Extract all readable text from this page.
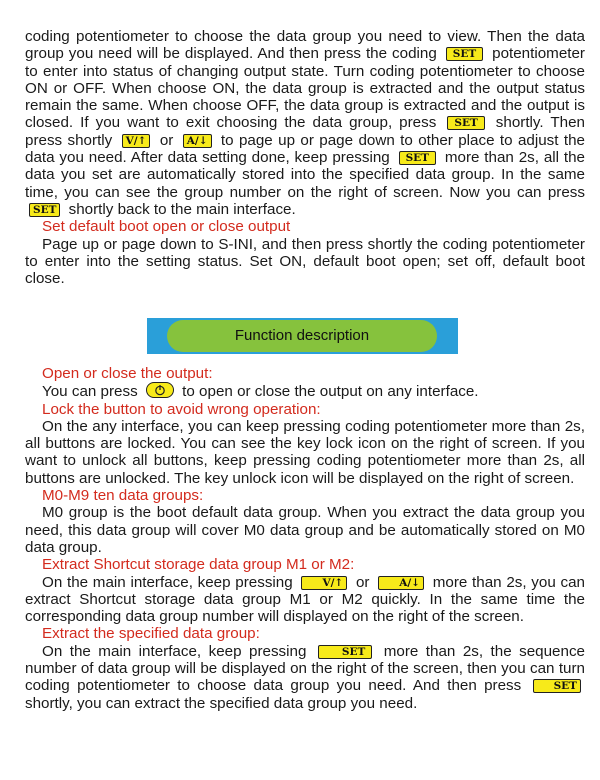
coding potentiometer to choose the data group you need to view. Then the data group you need will be displayed. And then press the coding SET potentiometer to enter into status of changing output state. Turn coding potentiometer to choose ON or OFF. When choose ON, the data group is extracted and the output status remain the same. When choose OFF, the data group is extracted and the output is closed. If you want to exit choosing the data group, press SET shortly. Then press shortly V/↑ or A/↓ to page up or page down to other place to adjust the data you need. After data setting done, keep pressing SET more than 2s, all the data you set are automatically stored into the specified data group. In the same time, you can see the group number on the right of screen. Now you can press SET shortly back to the main interface.

Set default boot open or close output

Page up or page down to S-INI, and then press shortly the coding potentiometer to enter into the setting status. Set ON, default boot open; set off, default boot close.

Function description

Open or close the output:

You can press	to open or close the output on any interface.

Lock the button to avoid wrong operation:

On the any interface, you can keep pressing coding potentiometer more than 2s, all buttons are locked. You can see the key lock icon on the right of screen. If you want to unlock all buttons, keep pressing coding potentiometer more than 2s, all buttons are unlocked. The key unlock icon will be displayed on the right of screen.

M0-M9 ten data groups:

M0 group is the boot default data group. When you extract the data group you need, this data group will cover M0 data group and be automatically stored on M0 data group.

Extract Shortcut storage data group M1 or M2:

On the main interface, keep pressing	V/↑ or	A/↓ more than 2s, you can extract Shortcut storage data group M1 or M2 quickly. In the same time the corresponding data group number will displayed on the right of the screen.

Extract the specified data group:

On the main interface, keep pressing	SET more than 2s, the sequence number of data group will be displayed on the right of the screen, then you can turn coding potentiometer to choose data group you need. And then press	SET shortly, you can extract the specified data group you need.
